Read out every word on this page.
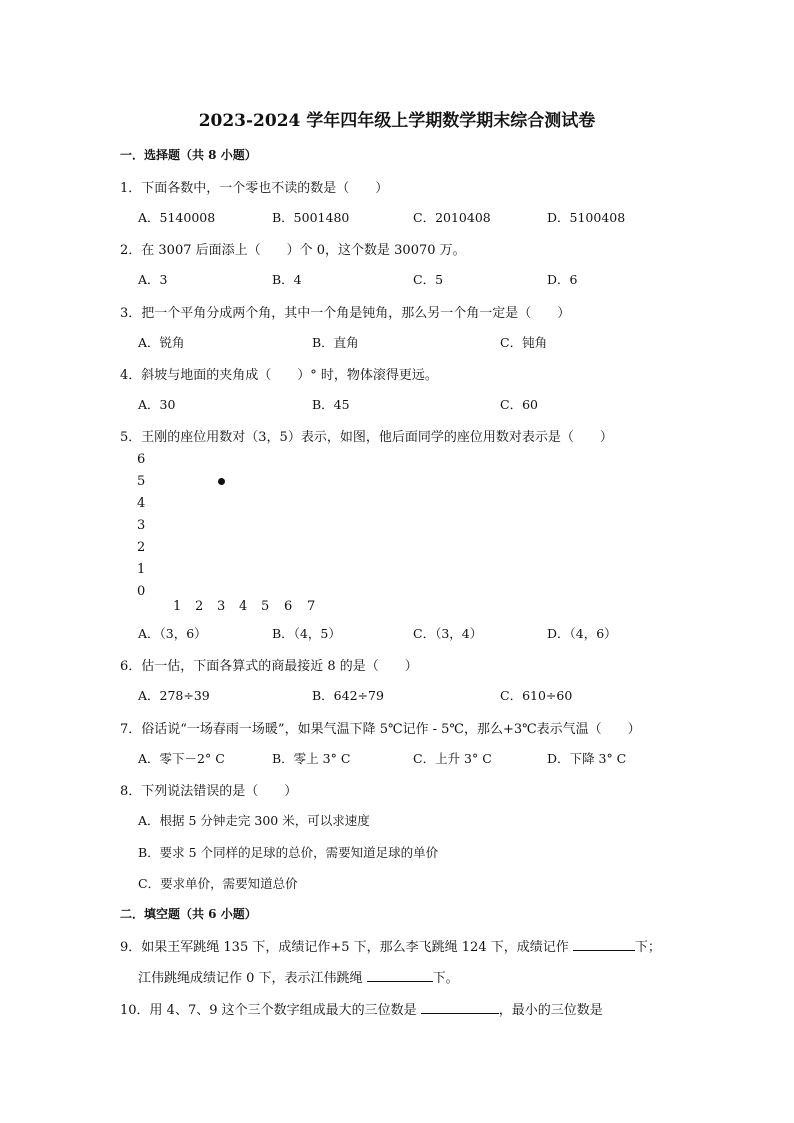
2023-2024 学年四年级上学期数学期末综合测试卷
一．选择题（共 8 小题）
1．下面各数中，一个零也不读的数是（　　）
A．5140008	B．5001480	C．2010408	D．5100408
2．在 3007 后面添上（　　）个 0，这个数是 30070 万。
A．3	B．4	C．5	D．6
3．把一个平角分成两个角，其中一个角是钝角，那么另一个角一定是（　　）
A．锐角	B．直角	C．钝角
4．斜坡与地面的夹角成（　　）° 时，物体滚得更远。
A．30	B．45	C．60
5．王刚的座位用数对（3，5）表示，如图，他后面同学的座位用数对表示是（　　）
6
5
4
3
2
1
0
1 2 3 4 5 6 7
A．（3，6）	B．（4，5）	C．（3，4）	D．（4，6）
6．估一估，下面各算式的商最接近 8 的是（　　）
A．278÷39	B．642÷79	C．610÷60
7．俗话说“一场春雨一场暖”，如果气温下降 5℃记作 - 5℃，那么+3℃表示气温（　　）
A．零下－2° C	B．零上 3° C	C．上升 3° C	D．下降 3° C
8．下列说法错误的是（　　）
A．根据 5 分钟走完 300 米，可以求速度
B．要求 5 个同样的足球的总价，需要知道足球的单价
C．要求单价，需要知道总价
二．填空题（共 6 小题）
9．如果王军跳绳 135 下，成绩记作+5 下，那么李飞跳绳 124 下，成绩记作	下；
江伟跳绳成绩记作 0 下，表示江伟跳绳	下。
10．用 4、7、9 这个三个数字组成最大的三位数是	，最小的三位数是
